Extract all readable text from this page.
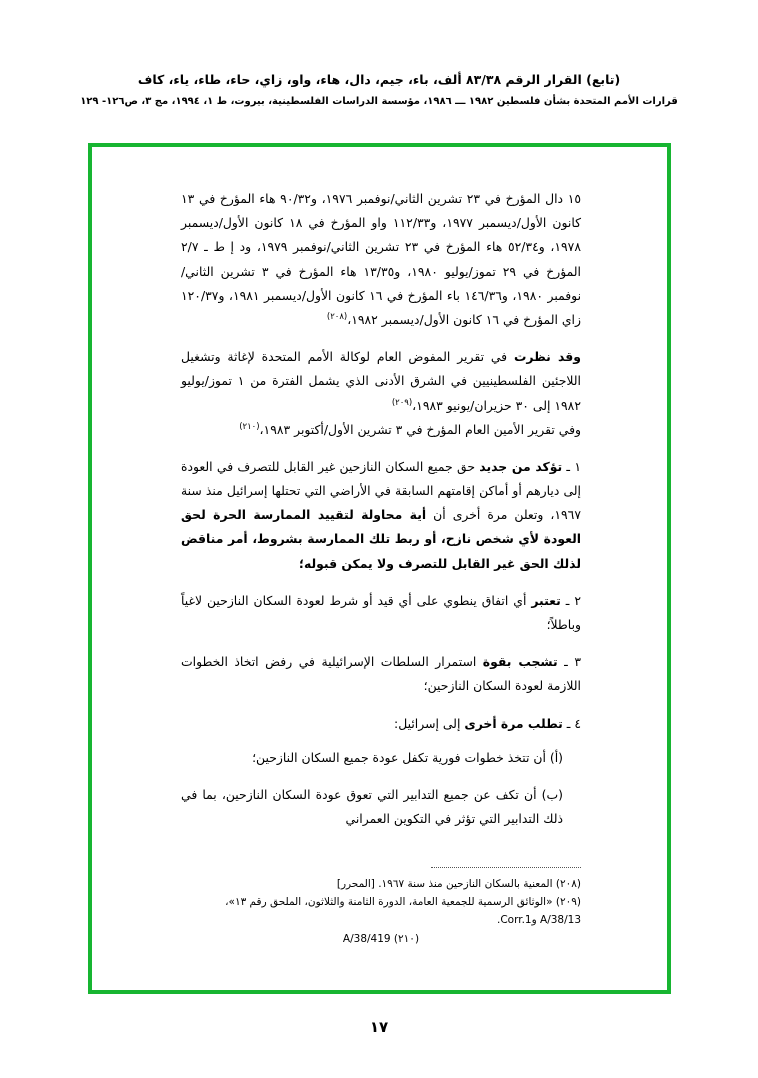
(تابع) القرار الرقم ٨٣/٣٨ ألف، باء، جيم، دال، هاء، واو، زاي، حاء، طاء، ياء، كاف
قرارات الأمم المتحدة بشأن فلسطين ١٩٨٢ ـــ ١٩٨٦، مؤسسة الدراسات الفلسطينية، بيروت، ط ١، ١٩٩٤، مج ٣، ص١٢٦- ١٢٩

١٥ دال المؤرخ في ٢٣ تشرين الثاني/نوفمبر ١٩٧٦، و٩٠/٣٢ هاء المؤرخ في ١٣ كانون الأول/ديسمبر ١٩٧٧، و١١٢/٣٣ واو المؤرخ في ١٨ كانون الأول/ديسمبر ١٩٧٨، و٥٢/٣٤ هاء المؤرخ في ٢٣ تشرين الثاني/نوفمبر ١٩٧٩، ود إ ط ـ ٢/٧ المؤرخ في ٢٩ تموز/يوليو ١٩٨٠، و١٣/٣٥ هاء المؤرخ في ٣ تشرين الثاني/نوفمبر ١٩٨٠، و١٤٦/٣٦ باء المؤرخ في ١٦ كانون الأول/ديسمبر ١٩٨١، و١٢٠/٣٧ زاي المؤرخ في ١٦ كانون الأول/ديسمبر ١٩٨٢،$^{(٢٠٨)}$

وقد نظرت في تقرير المفوض العام لوكالة الأمم المتحدة لإغاثة وتشغيل اللاجئين الفلسطينيين في الشرق الأدنى الذي يشمل الفترة من ١ تموز/يوليو ١٩٨٢ إلى ٣٠ حزيران/يونيو ١٩٨٣،$^{(٢٠٩)}$

وفي تقرير الأمين العام المؤرخ في ٣ تشرين الأول/أكتوبر ١٩٨٣،$^{(٢١٠)}$

١ ـ تؤكد من جديد حق جميع السكان النازحين غير القابل للتصرف في العودة إلى ديارهم أو أماكن إقامتهم السابقة في الأراضي التي تحتلها إسرائيل منذ سنة ١٩٦٧، وتعلن مرة أخرى أن أية محاولة لتقييد الممارسة الحرة لحق العودة لأي شخص نازح، أو ربط تلك الممارسة بشروط، أمر مناقض لذلك الحق غير القابل للتصرف ولا يمكن قبوله؛

٢ ـ تعتبر أي اتفاق ينطوي على أي قيد أو شرط لعودة السكان النازحين لاغياً وباطلاً؛

٣ ـ تشجب بقوة استمرار السلطات الإسرائيلية في رفض اتخاذ الخطوات اللازمة لعودة السكان النازحين؛

٤ ـ تطلب مرة أخرى إلى إسرائيل:

(أ) أن تتخذ خطوات فورية تكفل عودة جميع السكان النازحين؛

(ب) أن تكف عن جميع التدابير التي تعوق عودة السكان النازحين، بما في ذلك التدابير التي تؤثر في التكوين العمراني

(٢٠٨) المعنية بالسكان النازحين منذ سنة ١٩٦٧. [المحرر]

(٢٠٩) «الوثائق الرسمية للجمعية العامة، الدورة الثامنة والثلاثون، الملحق رقم ١٣»، A/38/13 وCorr.1.

(٢١٠) A/38/419

١٧
